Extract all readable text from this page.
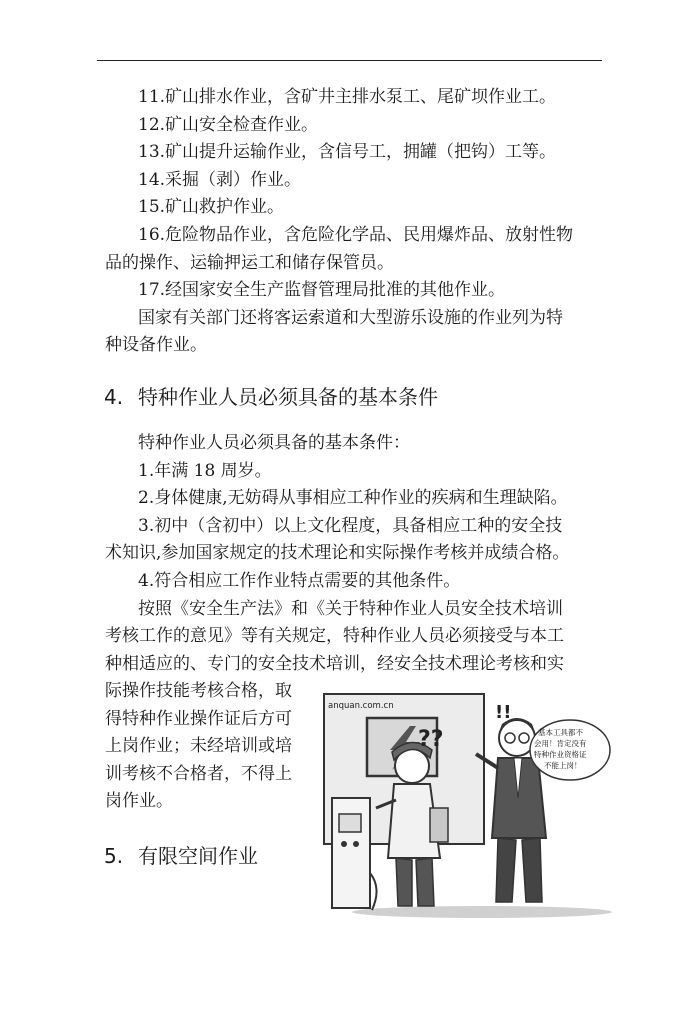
11.矿山排水作业，含矿井主排水泵工、尾矿坝作业工。
12.矿山安全检查作业。
13.矿山提升运输作业，含信号工，拥罐（把钩）工等。
14.采掘（剥）作业。
15.矿山救护作业。
16.危险物品作业，含危险化学品、民用爆炸品、放射性物
品的操作、运输押运工和储存保管员。
17.经国家安全生产监督管理局批准的其他作业。
国家有关部门还将客运索道和大型游乐设施的作业列为特
种设备作业。
4. 特种作业人员必须具备的基本条件
特种作业人员必须具备的基本条件：
1.年满 18 周岁。
2.身体健康,无妨碍从事相应工种作业的疾病和生理缺陷。
3.初中（含初中）以上文化程度，具备相应工种的安全技
术知识,参加国家规定的技术理论和实际操作考核并成绩合格。
4.符合相应工作作业特点需要的其他条件。
按照《安全生产法》和《关于特种作业人员安全技术培训
考核工作的意见》等有关规定，特种作业人员必须接受与本工
种相适应的、专门的安全技术培训，经安全技术理论考核和实
际操作技能考核合格，取
得特种作业操作证后方可
上岗作业；未经培训或培
训考核不合格者，不得上
岗作业。
5. 有限空间作业
anquan.com.cn
??
!!
基本工具都不
会用！肯定没有
特种作业资格证
不能上岗！
